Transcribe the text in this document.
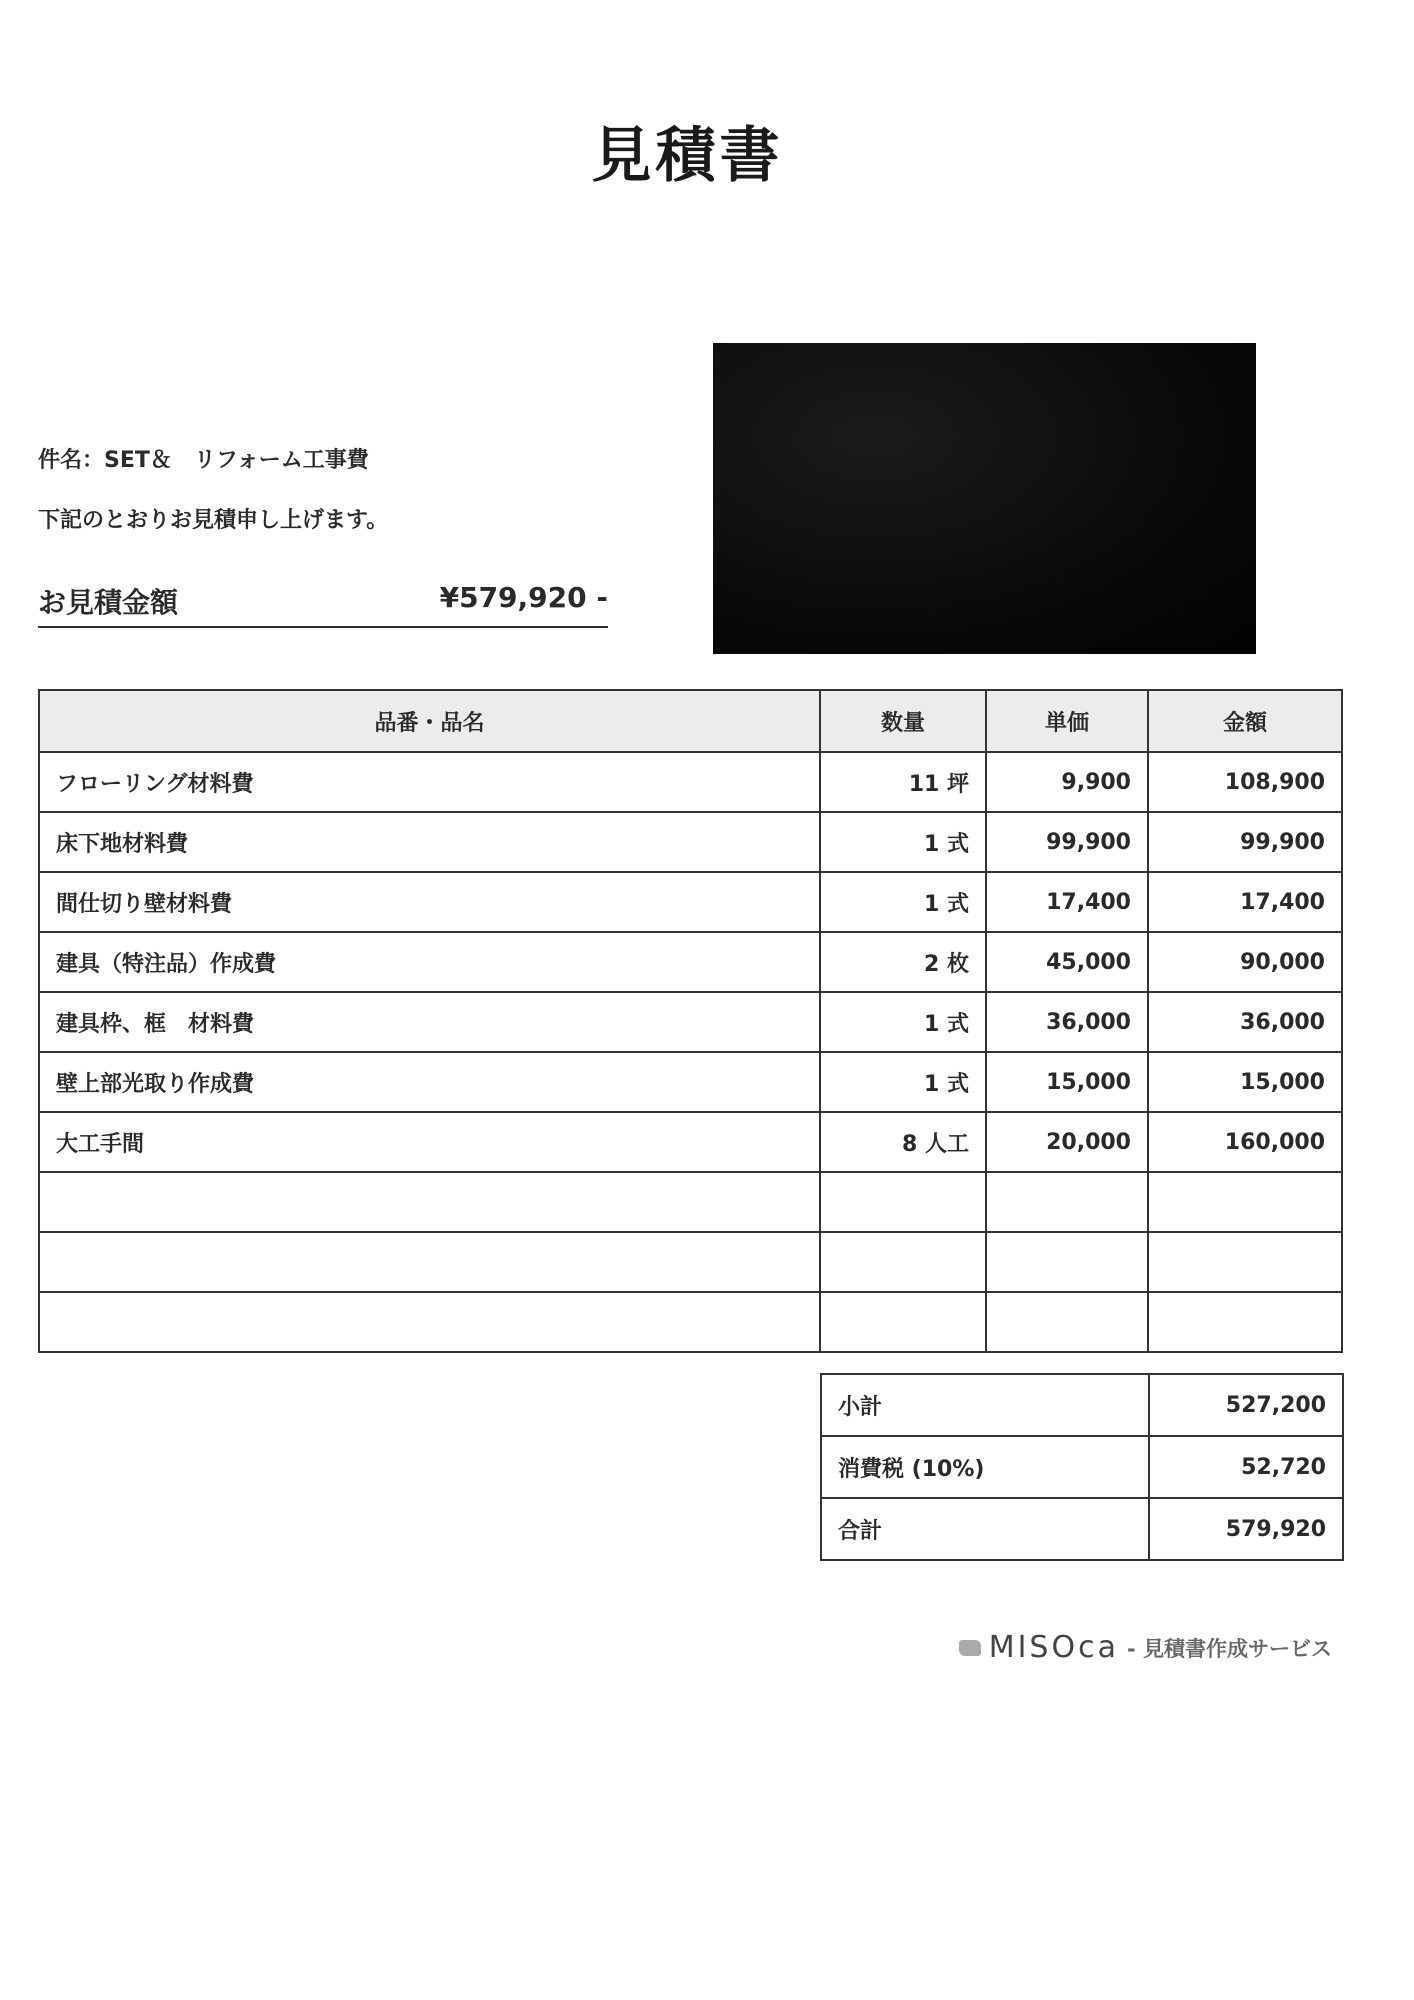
見積書
件名：SET＆　リフォーム工事費
下記のとおりお見積申し上げます。
お見積金額	¥579,920 -
品番・品名	数量	単価	金額
フローリング材料費	11 坪	9,900	108,900
床下地材料費	1 式	99,900	99,900
間仕切り壁材料費	1 式	17,400	17,400
建具（特注品）作成費	2 枚	45,000	90,000
建具枠、框　材料費	1 式	36,000	36,000
壁上部光取り作成費	1 式	15,000	15,000
大工手間	8 人工	20,000	160,000

小計	527,200
消費税 (10%)	52,720
合計	579,920
MISOca - 見積書作成サービス
